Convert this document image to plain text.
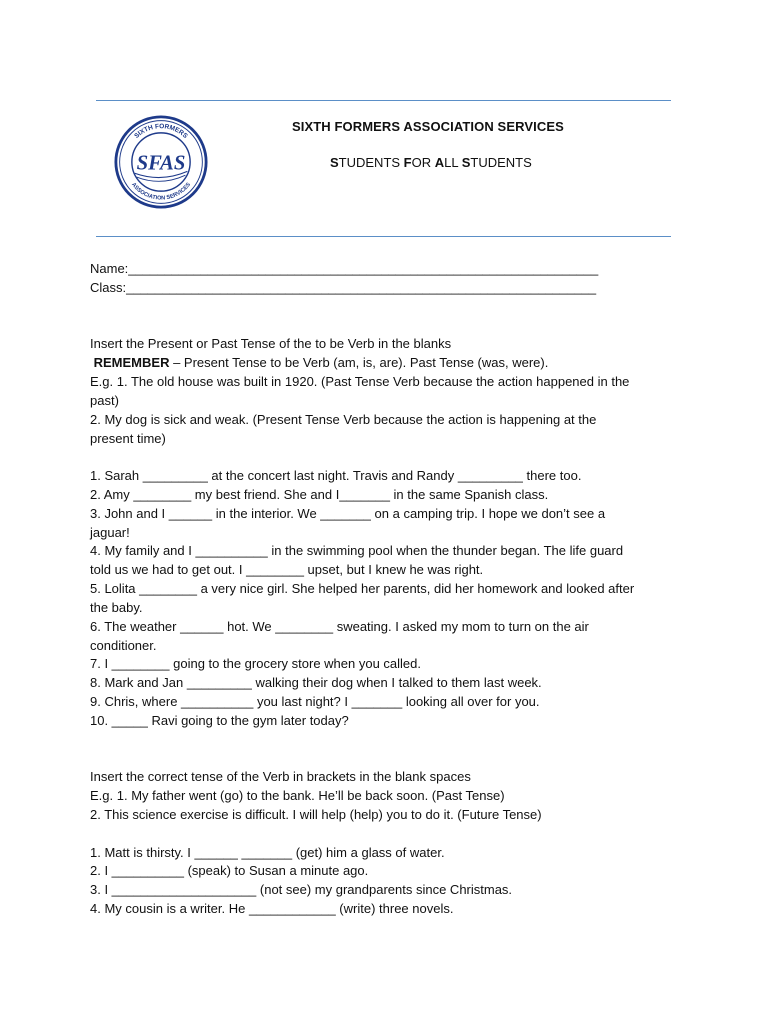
SIXTH FORMERS
ASSOCIATION SERVICES
SFAS
SIXTH FORMERS ASSOCIATION SERVICES
STUDENTS FOR ALL STUDENTS
Name:_________________________________________________________________
Class:_________________________________________________________________
Insert the Present or Past Tense of the to be Verb in the blanks
REMEMBER – Present Tense to be Verb (am, is, are). Past Tense (was, were).
E.g. 1. The old house was built in 1920. (Past Tense Verb because the action happened in the
past)
2. My dog is sick and weak. (Present Tense Verb because the action is happening at the
present time)
1. Sarah _________ at the concert last night. Travis and Randy _________ there too.
2. Amy ________ my best friend. She and I_______ in the same Spanish class.
3. John and I ______ in the interior. We _______ on a camping trip. I hope we don’t see a
jaguar!
4. My family and I __________ in the swimming pool when the thunder began. The life guard
told us we had to get out. I ________ upset, but I knew he was right.
5. Lolita ________ a very nice girl. She helped her parents, did her homework and looked after
the baby.
6. The weather ______ hot. We ________ sweating. I asked my mom to turn on the air
conditioner.
7. I ________ going to the grocery store when you called.
8. Mark and Jan _________ walking their dog when I talked to them last week.
9. Chris, where __________ you last night? I _______ looking all over for you.
10. _____ Ravi going to the gym later today?
Insert the correct tense of the Verb in brackets in the blank spaces
E.g. 1. My father went (go) to the bank. He’ll be back soon. (Past Tense)
2. This science exercise is difficult. I will help (help) you to do it. (Future Tense)
1. Matt is thirsty. I ______ _______ (get) him a glass of water.
2. I __________ (speak) to Susan a minute ago.
3. I ____________________ (not see) my grandparents since Christmas.
4. My cousin is a writer. He ____________ (write) three novels.
